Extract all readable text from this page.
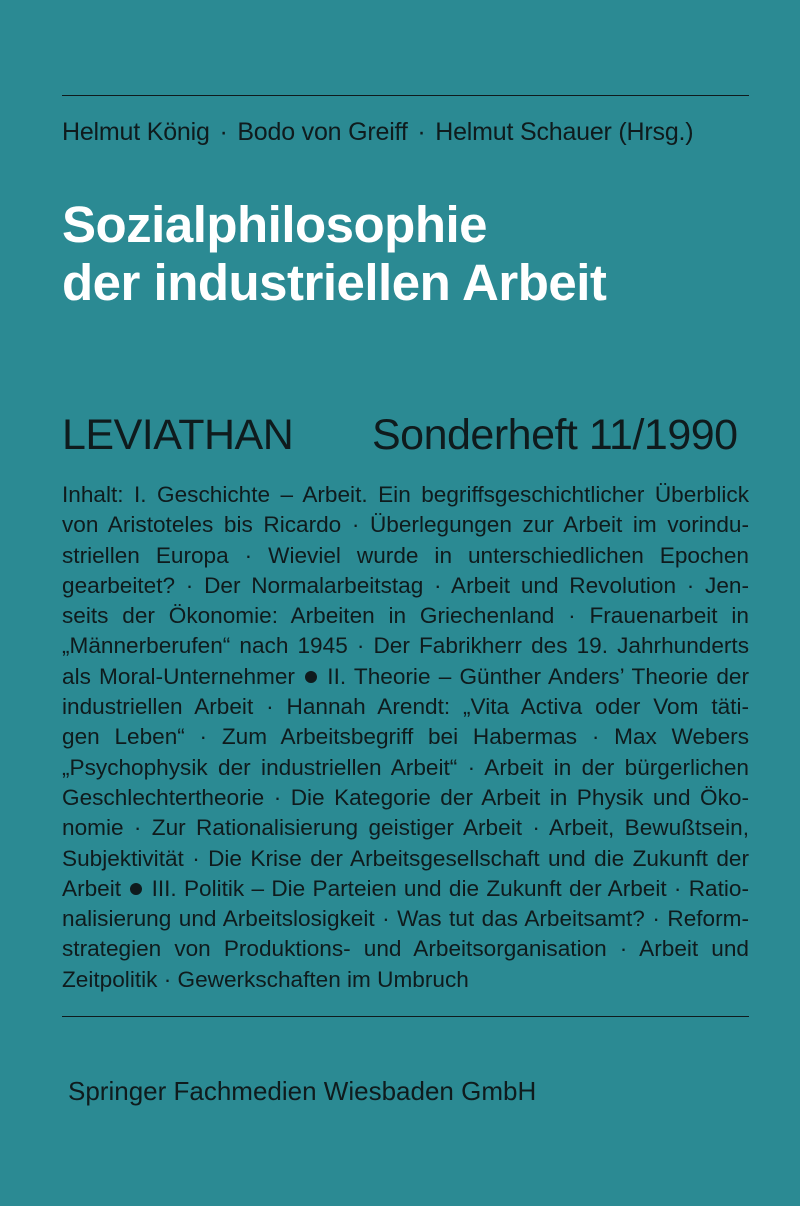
Helmut König · Bodo von Greiff · Helmut Schauer (Hrsg.)
Sozialphilosophie
der industriellen Arbeit
LEVIATHAN Sonderheft 11/1990
Inhalt: I. Geschichte – Arbeit. Ein begriffsgeschichtlicher Überblick
von Aristoteles bis Ricardo · Überlegungen zur Arbeit im vorindu-
striellen Europa · Wieviel wurde in unterschiedlichen Epochen
gearbeitet? · Der Normalarbeitstag · Arbeit und Revolution · Jen-
seits der Ökonomie: Arbeiten in Griechenland · Frauenarbeit in
„Männerberufen“ nach 1945 · Der Fabrikherr des 19. Jahrhunderts
als Moral-Unternehmer  II. Theorie – Günther Anders’ Theorie der
industriellen Arbeit · Hannah Arendt: „Vita Activa oder Vom täti-
gen Leben“ · Zum Arbeitsbegriff bei Habermas · Max Webers
„Psychophysik der industriellen Arbeit“ · Arbeit in der bürgerlichen
Geschlechtertheorie · Die Kategorie der Arbeit in Physik und Öko-
nomie · Zur Rationalisierung geistiger Arbeit · Arbeit, Bewußtsein,
Subjektivität · Die Krise der Arbeitsgesellschaft und die Zukunft der
Arbeit  III. Politik – Die Parteien und die Zukunft der Arbeit · Ratio-
nalisierung und Arbeitslosigkeit · Was tut das Arbeitsamt? · Reform-
strategien von Produktions- und Arbeitsorganisation · Arbeit und
Zeitpolitik · Gewerkschaften im Umbruch
Springer Fachmedien Wiesbaden GmbH
